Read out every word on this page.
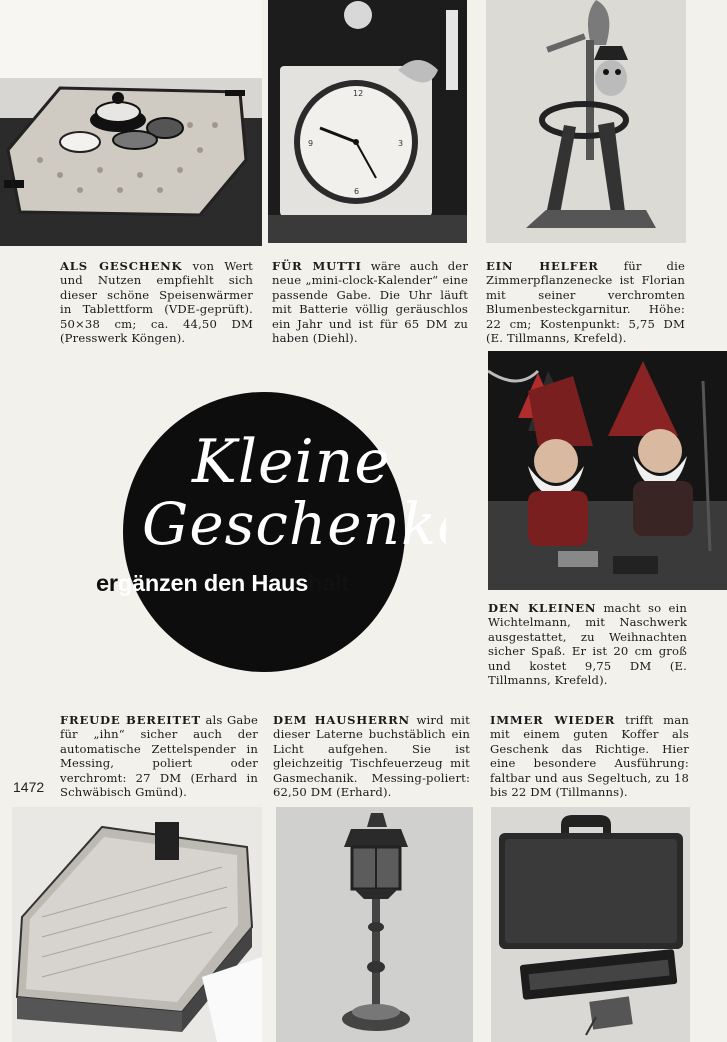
12
3
6
9

ALS GESCHENK von Wert und Nutzen empfiehlt sich dieser schöne Speisenwärmer in Tablettform (VDE-geprüft). 50×38 cm; ca. 44,50 DM (Presswerk Köngen).

FÜR MUTTI wäre auch der neue „mini-clock-Kalender“ eine passende Gabe. Die Uhr läuft mit Batterie völlig geräuschlos ein Jahr und ist für 65 DM zu haben (Diehl).

EIN HELFER für die Zimmerpflanzenecke ist Florian mit seiner verchromten Blumenbesteckgarnitur. Höhe: 22 cm; Kostenpunkt: 5,75 DM (E. Tillmanns, Krefeld).

Kleine
Geschenke
ergänzen den Haushalt

DEN KLEINEN macht so ein Wichtelmann, mit Naschwerk ausgestattet, zu Weihnachten sicher Spaß. Er ist 20 cm groß und kostet 9,75 DM (E. Tillmanns, Krefeld).

FREUDE BEREITET als Gabe für „ihn“ sicher auch der automatische Zettelspender in Messing, poliert oder verchromt: 27 DM (Erhard in Schwäbisch Gmünd).

DEM HAUSHERRN wird mit dieser Laterne buchstäblich ein Licht aufgehen. Sie ist gleichzeitig Tischfeuerzeug mit Gasmechanik. Messing-poliert: 62,50 DM (Erhard).

IMMER WIEDER trifft man mit einem guten Koffer als Geschenk das Richtige. Hier eine besondere Ausführung: faltbar und aus Segeltuch, zu 18 bis 22 DM (Tillmanns).

1472
